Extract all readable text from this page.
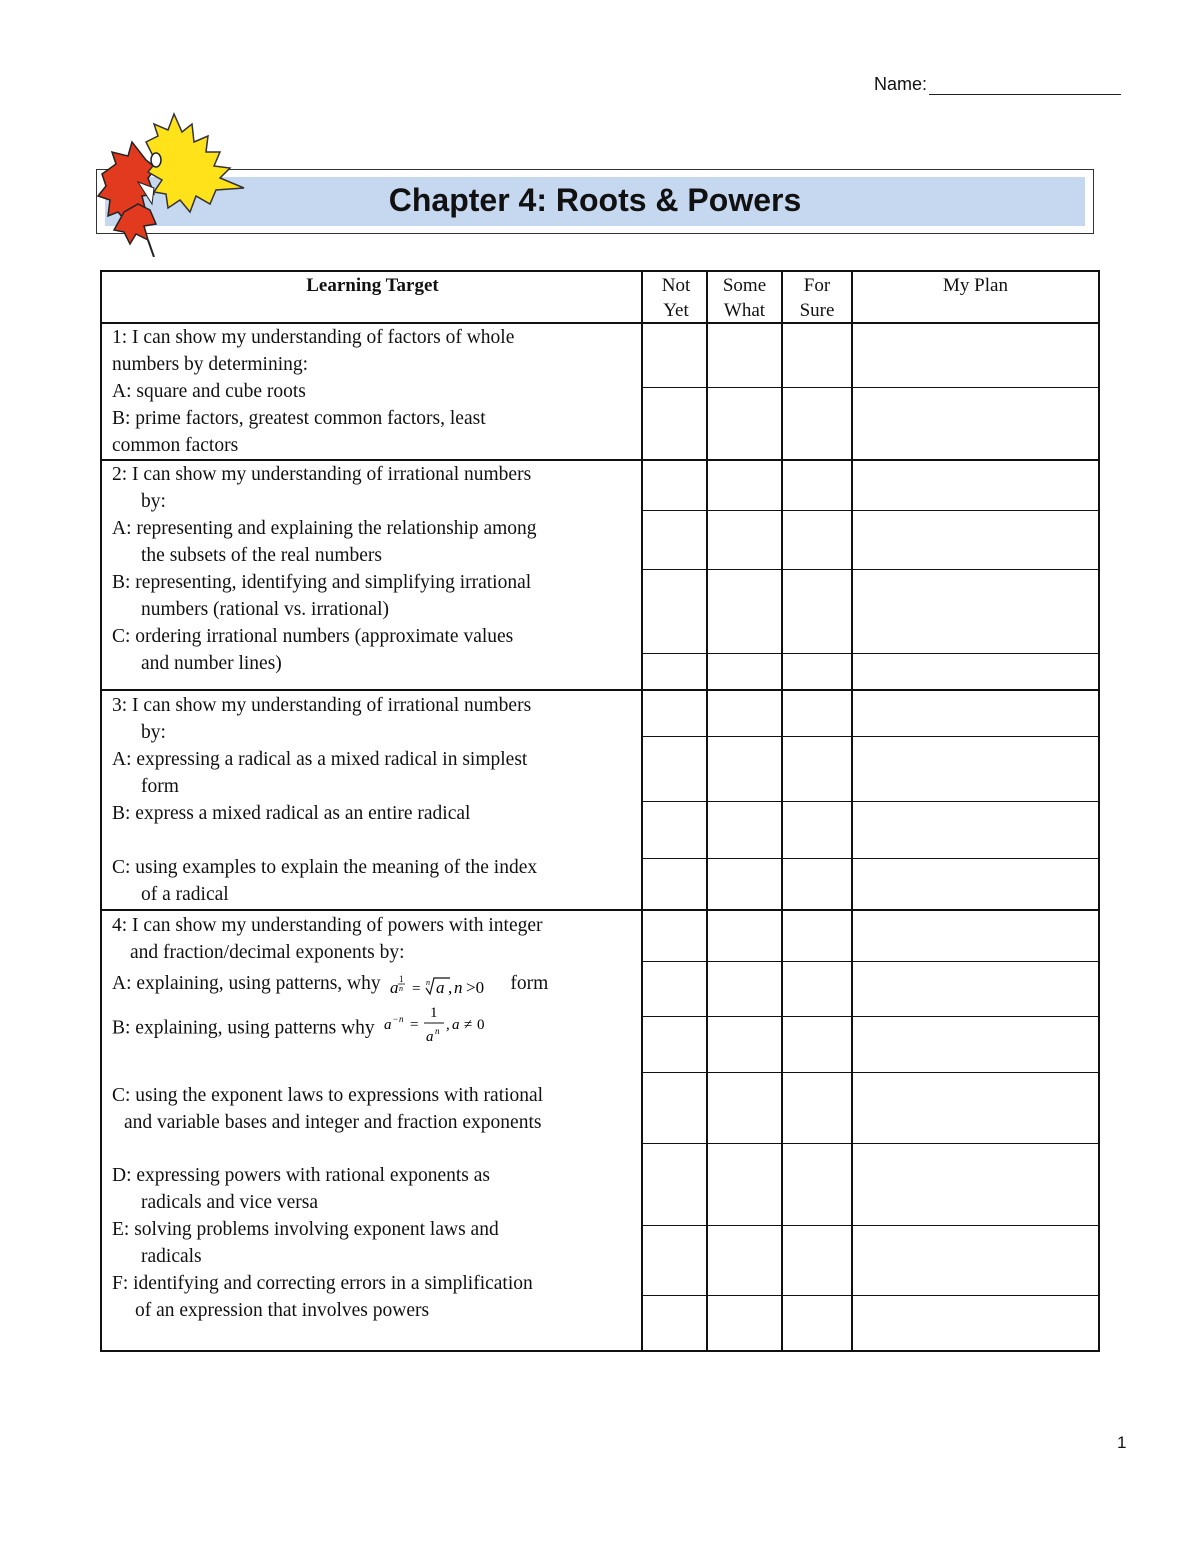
Name:
Chapter 4: Roots & Powers
Learning Target	Not
Yet
Some
What
For
Sure
My Plan
1: I can show my understanding of factors of whole
numbers by determining:
A: square and cube roots
B: prime factors, greatest common factors, least
common factors
2: I can show my understanding of irrational numbers
by:
A: representing and explaining the relationship among
the subsets of the real numbers
B: representing, identifying and simplifying irrational
numbers (rational vs. irrational)
C: ordering irrational numbers (approximate values
and number lines)
3: I can show my understanding of irrational numbers
by:
A: expressing a radical as a mixed radical in simplest
form
B: express a mixed radical as an entire radical
C: using examples to explain the meaning of the index
of a radical
4: I can show my understanding of powers with integer
and fraction/decimal exponents by:
A: explaining, using patterns, why a 1
n = n a , n >0 form
B: explaining, using patterns why a − n =
1
a n , a ≠ 0
C: using the exponent laws to expressions with rational
and variable bases and integer and fraction exponents
D: expressing powers with rational exponents as
radicals and vice versa
E: solving problems involving exponent laws and
radicals
F: identifying and correcting errors in a simplification
of an expression that involves powers
1
